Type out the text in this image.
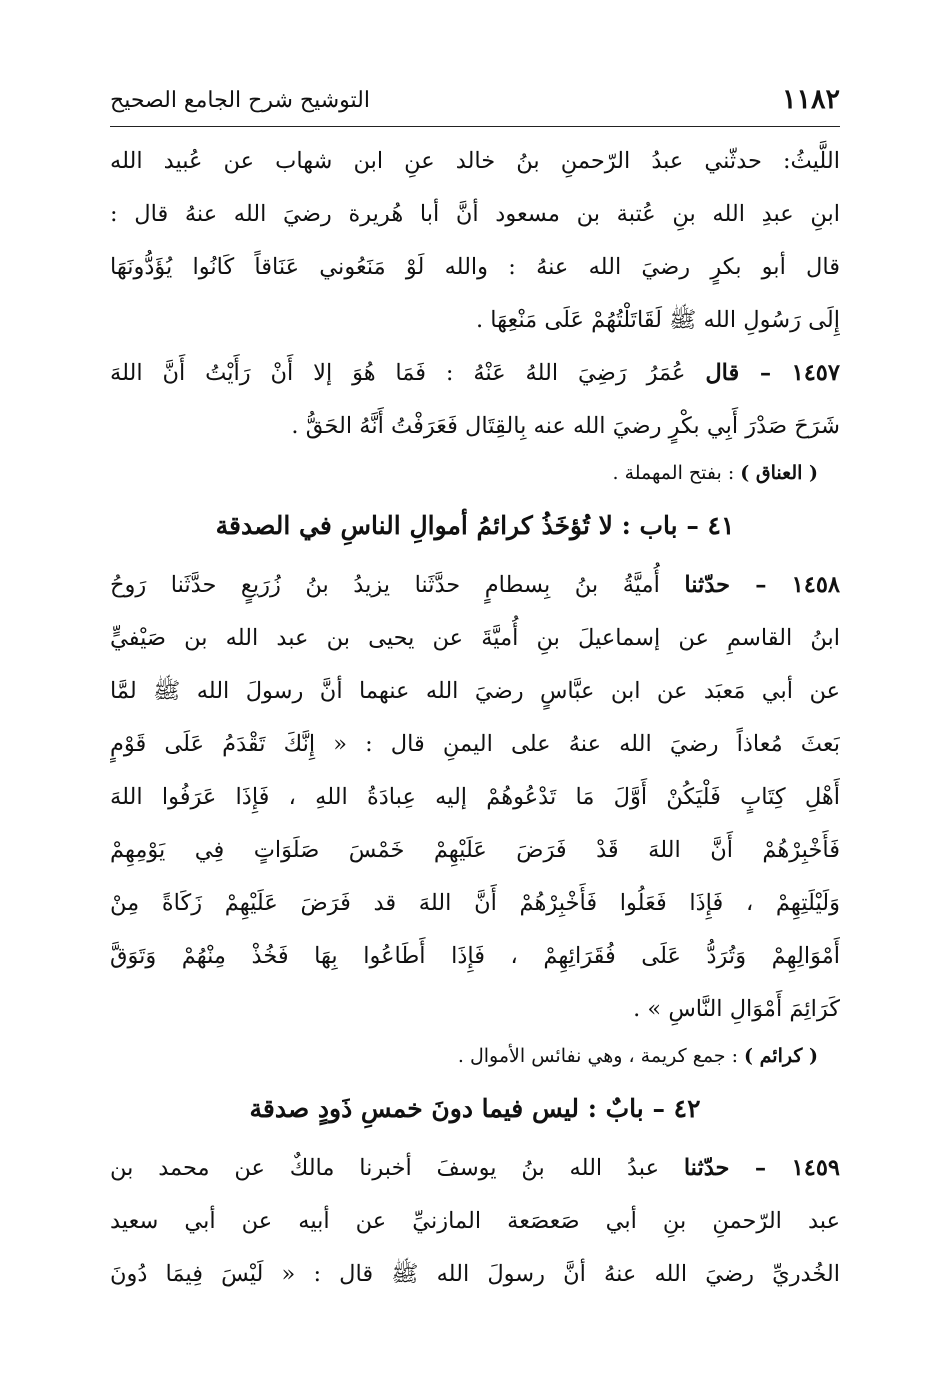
١١٨٢
التوشيح شرح الجامع الصحيح
اللَّيثُ: حدثّني عبدُ الرّحمنِ بنُ خالد عنِ ابن شهاب عن عُبيد الله
ابنِ عبدِ الله بنِ عُتبة بن مسعود أنَّ أبا هُريرة رضيَ الله عنهُ قال :
قال أبو بكرٍ رضيَ الله عنهُ : والله لَوْ مَنَعُوني عَنَاقاً كَانُوا يُؤَدُّونَهَا
إِلَى رَسُولِ الله ﷺ لَقَاتَلْتُهُمْ عَلَى مَنْعِهَا .
١٤٥٧ – قال عُمَرُ رَضِيَ اللهُ عَنْهُ : فَمَا هُوَ إلا أَنْ رَأَيْتُ أَنَّ اللهَ
شَرَحَ صَدْرَ أَبِي بكْرٍ رضيَ الله عنه بِالقِتَال فَعَرَفْتُ أَنَّهُ الحَقُّ .
( العناق ) : بفتح المهملة .
٤١ – باب : لا تُؤخَذُ كرائمُ أموالِ الناسِ في الصدقة
١٤٥٨ – حدّثنا أُميَّةُ بنُ بِسطامٍ حدَّثَنا يزيدُ بنُ زُرَيعٍ حدَّثَنا رَوحُ
ابنُ القاسمِ عن إسماعيلَ بنِ أُميَّةَ عن يحيى بن عبد الله بن صَيْفيٍّ
عن أبي مَعبَد عن ابن عبَّاسٍ رضيَ الله عنهما أنَّ رسولَ الله ﷺ لمَّا
بَعثَ مُعاذاً رضيَ الله عنهُ على اليمنِ قال : « إِنَّكَ تَقْدَمُ عَلَى قَوْمٍ
أَهْلِ كِتَابٍ فَلْيَكُنْ أَوَّلَ مَا تَدْعُوهُمْ إليه عِبادَةُ اللهِ ، فَإِذَا عَرَفُوا اللهَ
فَأَخْبِرْهُمْ أَنَّ اللهَ قَدْ فَرَضَ عَلَيْهِمْ خَمْسَ صَلَوَاتٍ فِي يَوْمِهِمْ
وَلَيْلَتِهِمْ ، فَإِذَا فَعَلُوا فَأَخْبِرْهُمْ أَنَّ اللهَ قد فَرَضَ عَلَيْهِمْ زَكَاةً مِنْ
أَمْوَالِهِمْ وَتُرَدُّ عَلَى فُقَرَائِهِمْ ، فَإِذَا أَطَاعُوا بِهَا فَخُذْ مِنْهُمْ وَتَوَقَّ
كَرَائِمَ أَمْوَالِ النَّاسِ » .
( كرائم ) : جمع كريمة ، وهي نفائس الأموال .
٤٢ – بابٌ : ليس فيما دونَ خمسِ ذَودٍ صدقة
١٤٥٩ – حدّثنا عبدُ الله بنُ يوسفَ أخبرنا مالكٌ عن محمد بن
عبد الرّحمنِ بنِ أبي صَعصَعة المازنيِّ عن أبيه عن أبي سعيد
الخُدريِّ رضيَ الله عنهُ أنَّ رسولَ الله ﷺ قال : « لَيْسَ فِيمَا دُونَ
